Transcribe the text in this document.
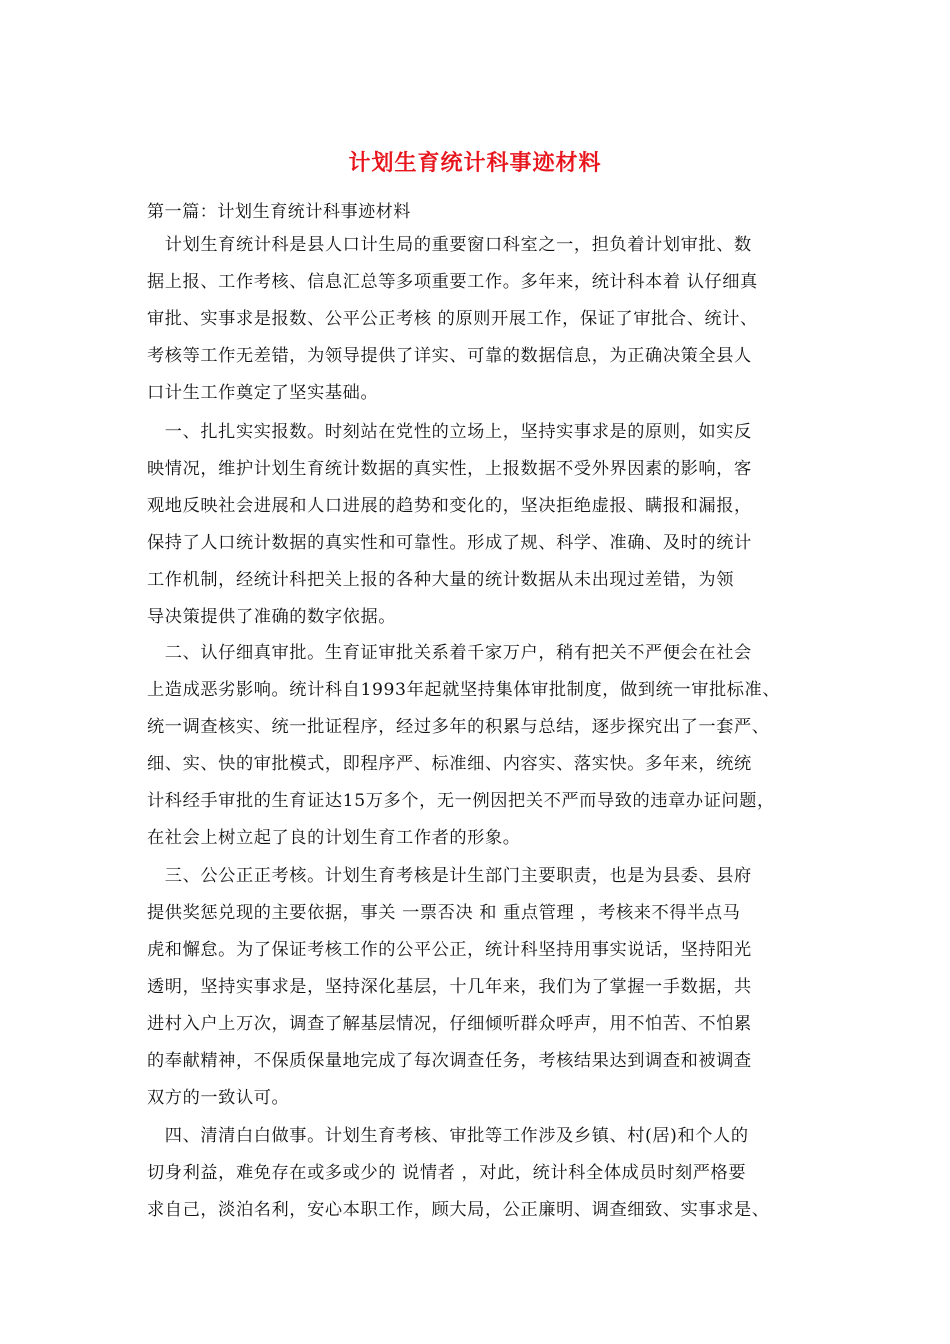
计划生育统计科事迹材料
第一篇：计划生育统计科事迹材料
　计划生育统计科是县人口计生局的重要窗口科室之一，担负着计划审批、数
据上报、工作考核、信息汇总等多项重要工作。多年来，统计科本着 认仔细真
审批、实事求是报数、公平公正考核 的原则开展工作，保证了审批合、统计、
考核等工作无差错，为领导提供了详实、可靠的数据信息，为正确决策全县人
口计生工作奠定了坚实基础。
　一、扎扎实实报数。时刻站在党性的立场上，坚持实事求是的原则，如实反
映情况，维护计划生育统计数据的真实性，上报数据不受外界因素的影响，客
观地反映社会进展和人口进展的趋势和变化的，坚决拒绝虚报、瞒报和漏报，
保持了人口统计数据的真实性和可靠性。形成了规、科学、准确、及时的统计
工作机制，经统计科把关上报的各种大量的统计数据从未出现过差错，为领
导决策提供了准确的数字依据。
　二、认仔细真审批。生育证审批关系着千家万户，稍有把关不严便会在社会
上造成恶劣影响。统计科自1993年起就坚持集体审批制度，做到统一审批标准、
统一调查核实、统一批证程序，经过多年的积累与总结，逐步探究出了一套严、
细、实、快的审批模式，即程序严、标准细、内容实、落实快。多年来，统统
计科经手审批的生育证达15万多个，无一例因把关不严而导致的违章办证问题，
在社会上树立起了良的计划生育工作者的形象。
　三、公公正正考核。计划生育考核是计生部门主要职责，也是为县委、县府
提供奖惩兑现的主要依据，事关 一票否决 和 重点管理 ，考核来不得半点马
虎和懈怠。为了保证考核工作的公平公正，统计科坚持用事实说话，坚持阳光
透明，坚持实事求是，坚持深化基层，十几年来，我们为了掌握一手数据，共
进村入户上万次，调查了解基层情况，仔细倾听群众呼声，用不怕苦、不怕累
的奉献精神，不保质保量地完成了每次调查任务，考核结果达到调查和被调查
双方的一致认可。
　四、清清白白做事。计划生育考核、审批等工作涉及乡镇、村(居)和个人的
切身利益，难免存在或多或少的 说情者 ，对此，统计科全体成员时刻严格要
求自己，淡泊名利，安心本职工作，顾大局，公正廉明、调查细致、实事求是、
